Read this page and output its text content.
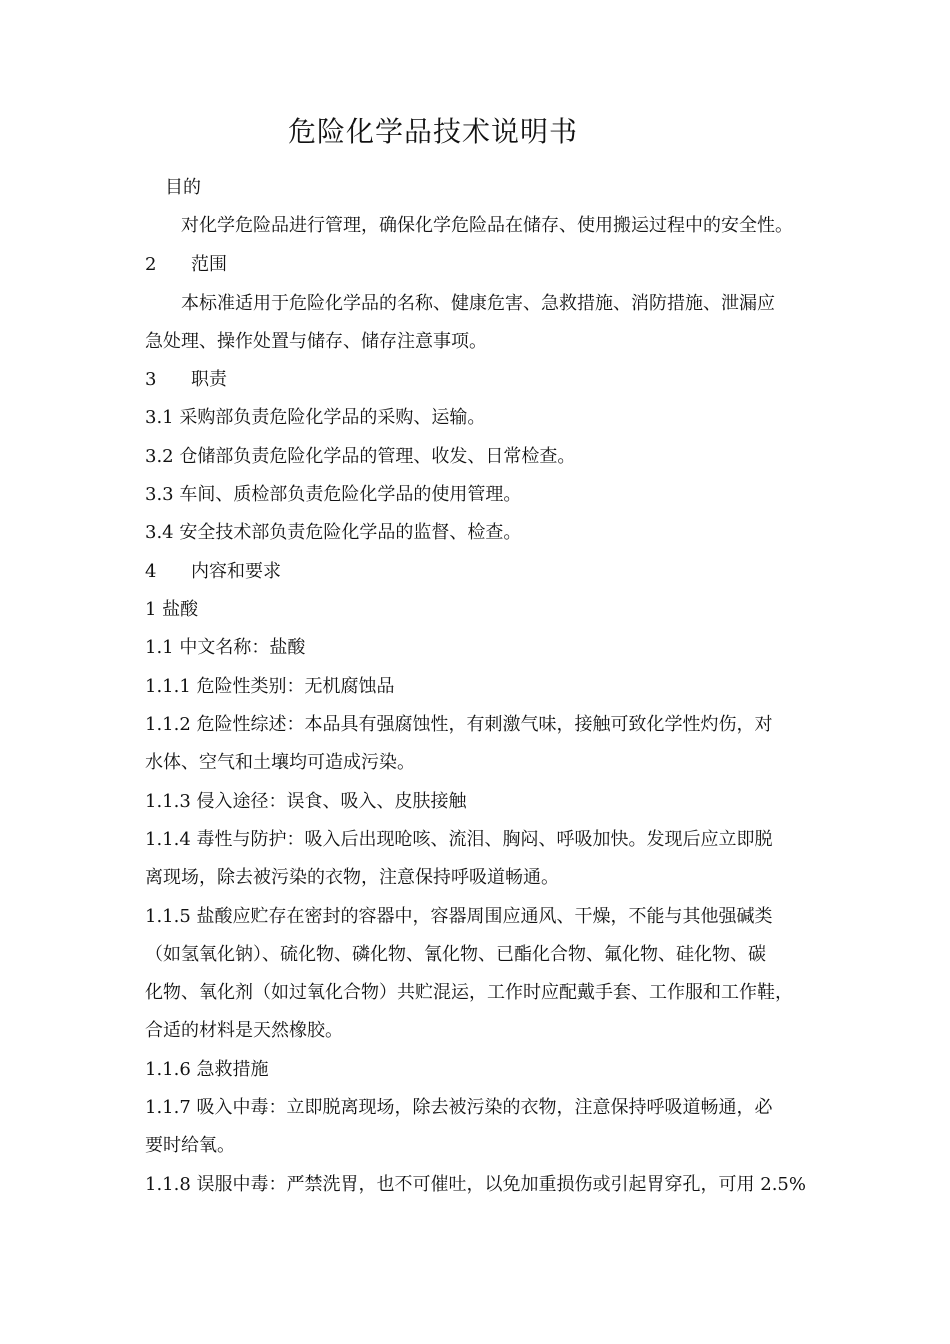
危险化学品技术说明书
目的
对化学危险品进行管理，确保化学危险品在储存、使用搬运过程中的安全性。
2 范围
本标准适用于危险化学品的名称、健康危害、急救措施、消防措施、泄漏应
急处理、操作处置与储存、储存注意事项。
3 职责
3.1 采购部负责危险化学品的采购、运输。
3.2 仓储部负责危险化学品的管理、收发、日常检查。
3.3 车间、质检部负责危险化学品的使用管理。
3.4 安全技术部负责危险化学品的监督、检查。
4 内容和要求
1 盐酸
1.1 中文名称：盐酸
1.1.1 危险性类别：无机腐蚀品
1.1.2 危险性综述：本品具有强腐蚀性，有刺激气味，接触可致化学性灼伤，对
水体、空气和土壤均可造成污染。
1.1.3 侵入途径：误食、吸入、皮肤接触
1.1.4 毒性与防护：吸入后出现呛咳、流泪、胸闷、呼吸加快。发现后应立即脱
离现场，除去被污染的衣物，注意保持呼吸道畅通。
1.1.5 盐酸应贮存在密封的容器中，容器周围应通风、干燥，不能与其他强碱类
（如氢氧化钠）、硫化物、磷化物、氰化物、已酯化合物、氟化物、硅化物、碳
化物、氧化剂（如过氧化合物）共贮混运，工作时应配戴手套、工作服和工作鞋，
合适的材料是天然橡胶。
1.1.6 急救措施
1.1.7 吸入中毒：立即脱离现场，除去被污染的衣物，注意保持呼吸道畅通，必
要时给氧。
1.1.8 误服中毒：严禁洗胃，也不可催吐，以免加重损伤或引起胃穿孔，可用 2.5%
